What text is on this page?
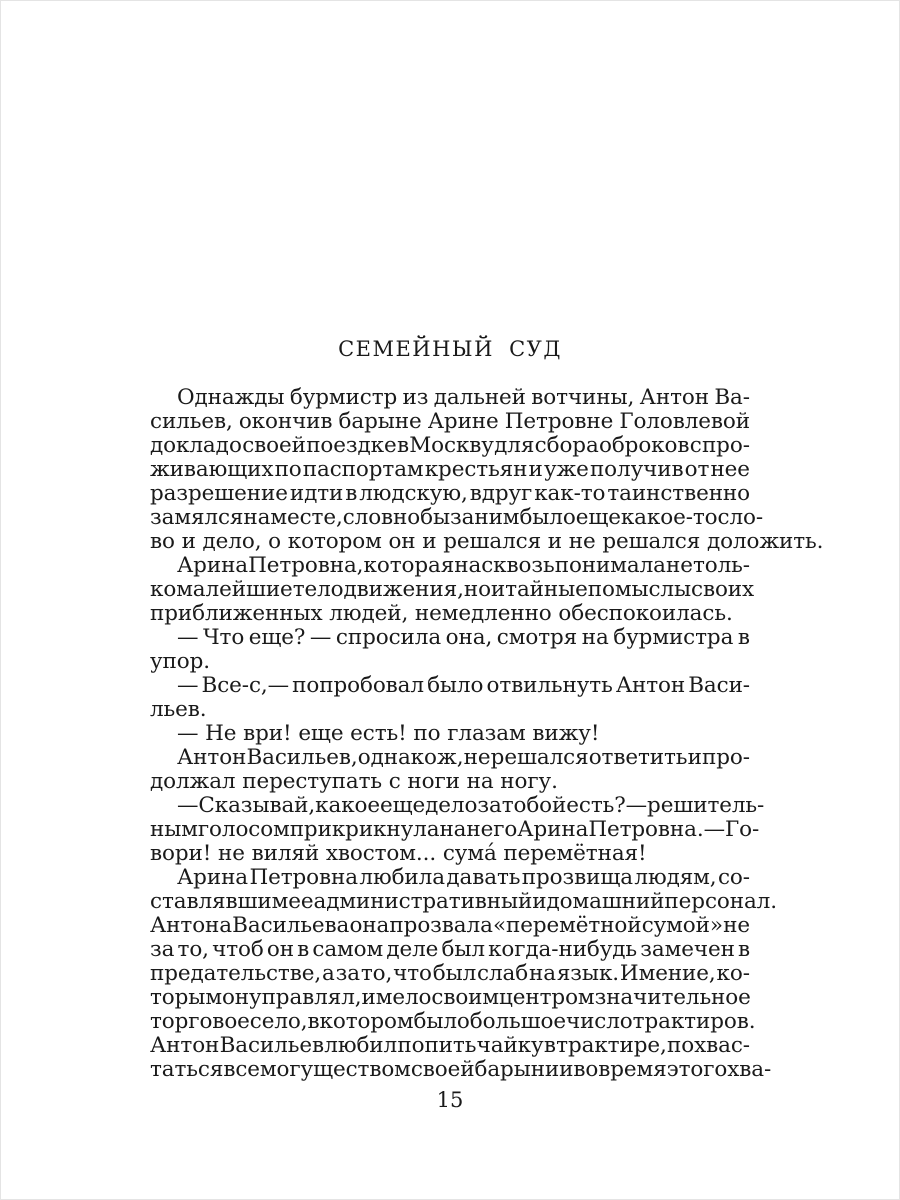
СЕМЕЙНЫЙ СУД
Однажды бурмистр из дальней вотчины, Антон Ва-
сильев, окончив барыне Арине Петровне Головлевой
доклад о своей поездке в Москву для сбора оброков с про-
живающих по паспортам крестьян и уже получив от нее
разрешение идти в людскую, вдруг как-то таинственно
замялся на месте, словно бы за ним было еще какое-то сло-
во и дело, о котором он и решался и не решался доложить.
Арина Петровна, которая насквозь понимала не толь-
ко малейшие телодвижения, но и тайные помыслы своих
приближенных людей, немедленно обеспокоилась.
— Что еще? — спросила она, смотря на бурмистра в
упор.
— Все-с,— попробовал было отвильнуть Антон Васи-
льев.
— Не ври! еще есть! по глазам вижу!
Антон Васильев, однако ж, не решался ответить и про-
должал переступать с ноги на ногу.
— Сказывай, какое еще дело за тобой есть? —решитель-
ным голосом прикрикнула на него Арина Петровна.— Го-
вори! не виляй хвостом... сума́ перемётная!
Арина Петровна любила давать прозвища людям, со-
ставлявшим ее административный и домашний персонал.
Антона Васильева она прозвала «перемётной сумой» не
за то, чтоб он в самом деле был когда-нибудь замечен в
предательстве, а за то, что был слаб на язык. Имение, ко-
торым он управлял, имело своим центром значительное
торговое село, в котором было большое число трактиров.
Антон Васильев любил попить чайку в трактире, похвас-
таться всемогуществом своей барыни и во время этого хва-
15
